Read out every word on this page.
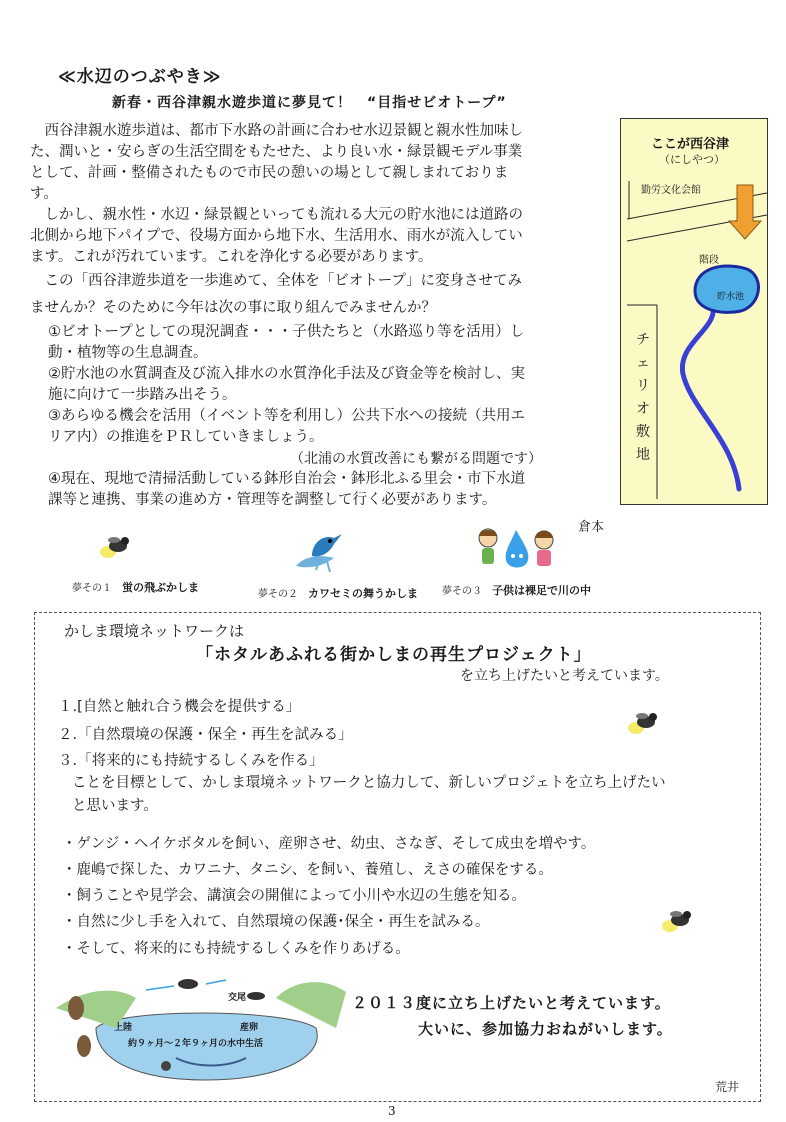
≪水辺のつぶやき≫
新春・西谷津親水遊歩道に夢見て！　“目指せビオトープ”

　西谷津親水遊歩道は、都市下水路の計画に合わせ水辺景観と親水性加味し

た、潤いと・安らぎの生活空間をもたせた、より良い水・緑景観モデル事業

として、計画・整備されたもので市民の憩いの場として親しまれておりま

す。

　しかし、親水性・水辺・緑景観といっても流れる大元の貯水池には道路の

北側から地下パイプで、役場方面から地下水、生活用水、雨水が流入してい

ます。これが汚れています。これを浄化する必要があります。

　この「西谷津遊歩道を一歩進めて、全体を「ビオトープ」に変身させてみ

ませんか？そのために今年は次の事に取り組んでみませんか？

①ビオトープとしての現況調査・・・子供たちと（水路巡り等を活用）し

動・植物等の生息調査。

②貯水池の水質調査及び流入排水の水質浄化手法及び資金等を検討し、実

施に向けて一歩踏み出そう。

③あらゆる機会を活用（イベント等を利用し）公共下水への接続（共用エ

リア内）の推進をＰＲしていきましょう。

（北浦の水質改善にも繋がる問題です）

④現在、現地で清掃活動している鉢形自治会・鉢形北ふる里会・市下水道

課等と連携、事業の進め方・管理等を調整して行く必要があります。

倉本
ここが西谷津
（にしやつ）
勤労文化会館
階段
貯水池
チェリオ敷地
夢その１　 蛍の飛ぶかしま
夢その２　 カワセミの舞うかしま 夢その３　 子供は裸足で川の中
かしま環境ネットワークは
「ホタルあふれる街かしまの再生プロジェクト」
を立ち上げたいと考えています。
１.[自然と触れ合う機会を提供する」
２.「自然環境の保護・保全・再生を試みる」
３.「将来的にも持続するしくみを作る」
ことを目標として、かしま環境ネットワークと協力して、新しいプロジェトを立ち上げたい
と思います。
・ゲンジ・ヘイケボタルを飼い、産卵させ、幼虫、さなぎ、そして成虫を増やす。
・鹿嶋で探した、カワニナ、タニシ、を飼い、養殖し、えさの確保をする。
・飼うことや見学会、講演会の開催によって小川や水辺の生態を知る。
・自然に少し手を入れて、自然環境の保護･保全・再生を試みる。
・そして、将来的にも持続するしくみを作りあげる。
交尾
上陸	産卵
約９ヶ月〜２年９ヶ月の水中生活
２０１３度に立ち上げたいと考えています。
大いに、参加協力おねがいします。
荒井
3
